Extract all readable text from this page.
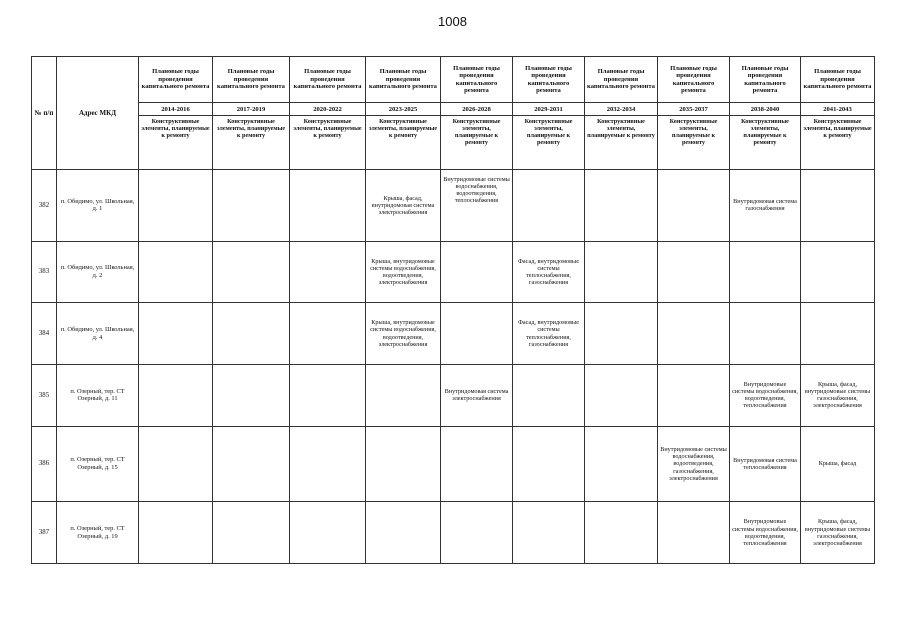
1008
№ п/п	Адрес МКД	Плановые годы проведения капитального ремонта	Плановые годы проведения капитального ремонта	Плановые годы проведения капитального ремонта	Плановые годы проведения капитального ремонта	Плановые годы проведения капитального ремонта	Плановые годы проведения капитального ремонта	Плановые годы проведения капитального ремонта	Плановые годы проведения капитального ремонта	Плановые годы проведения капитального ремонта	Плановые годы проведения капитального ремонта
		2014-2016	2017-2019	2020-2022	2023-2025	2026-2028	2029-2031	2032-2034	2035-2037	2038-2040	2041-2043
		Конструктивные элементы, планируемые к ремонту	Конструктивные элементы, планируемые к ремонту	Конструктивные элементы, планируемые к ремонту	Конструктивные элементы, планируемые к ремонту	Конструктивные элементы, планируемые к ремонту	Конструктивные элементы, планируемые к ремонту	Конструктивные элементы, планируемые к ремонту	Конструктивные элементы, планируемые к ремонту	Конструктивные элементы, планируемые к ремонту	Конструктивные элементы, планируемые к ремонту
382	п. Обидимо, ул. Школьная, д. 1				Крыша, фасад, внутридомовая система электроснабжения	Внутридомовые системы водоснабжения, водоотведения, теплоснабжения				Внутридомовая система газоснабжения	
383	п. Обидимо, ул. Школьная, д. 2				Крыша, внутридомовые системы водоснабжения, водоотведения, электроснабжения		Фасад, внутридомовые системы теплоснабжения, газоснабжения				
384	п. Обидимо, ул. Школьная, д. 4				Крыша, внутридомовые системы водоснабжения, водоотведения, электроснабжения		Фасад, внутридомовые системы теплоснабжения, газоснабжения				
385	п. Озерный, тер. СТ Озерный, д. 11					Внутридомовая система электроснабжения				Внутридомовые системы водоснабжения, водоотведения, теплоснабжения	Крыша, фасад, внутридомовые системы газоснабжения, электроснабжения
386	п. Озерный, тер. СТ Озерный, д. 15								Внутридомовые системы водоснабжения, водоотведения, газоснабжения, электроснабжения	Внутридомовая система теплоснабжения	Крыша, фасад
387	п. Озерный, тер. СТ Озерный, д. 19									Внутридомовые системы водоснабжения, водоотведения, теплоснабжения	Крыша, фасад, внутридомовые системы газоснабжения, электроснабжения
